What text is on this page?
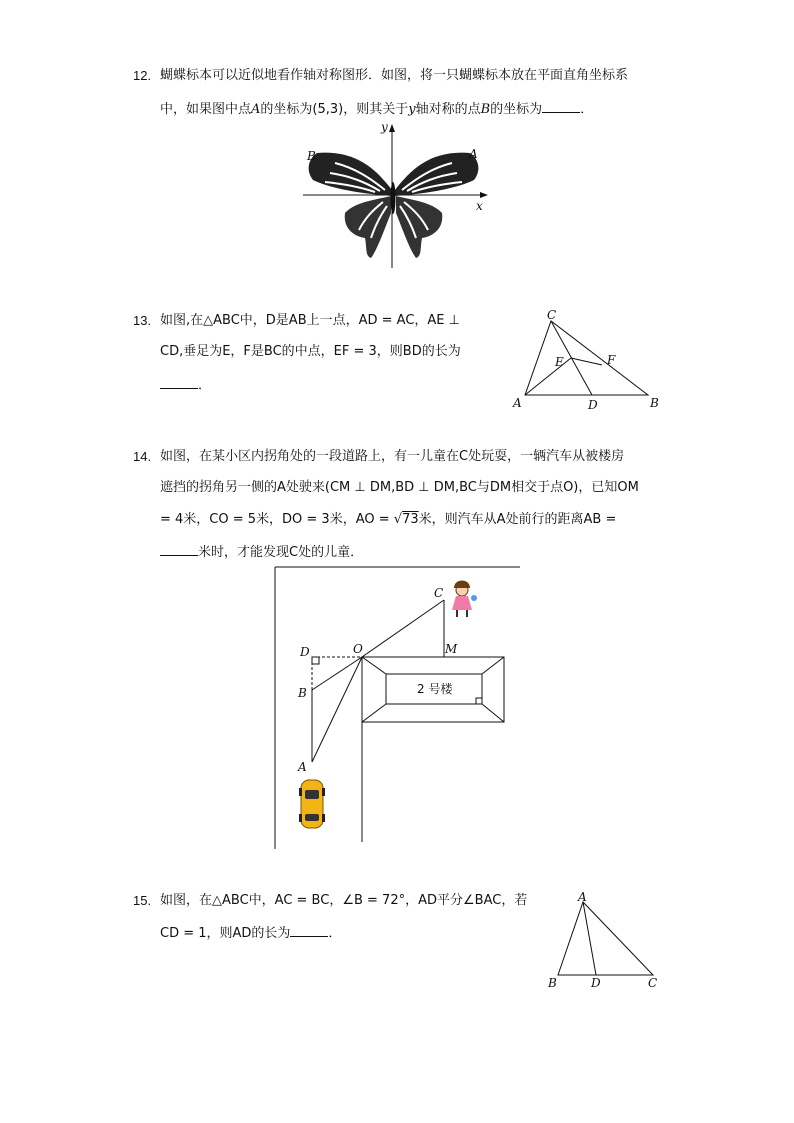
12. 蝴蝶标本可以近似地看作轴对称图形．如图，将一只蝴蝶标本放在平面直角坐标系
中，如果图中点A的坐标为(5,3)，则其关于y轴对称的点B的坐标为	．
y
x
B	A
13. 如图,在△ABC中，D是AB上一点，AD = AC，AE ⊥
CD,垂足为E，F是BC的中点，EF = 3，则BD的长为
．
C
E	F
A	D	B
14. 如图，在某小区内拐角处的一段道路上，有一儿童在C处玩耍，一辆汽车从被楼房
遮挡的拐角另一侧的A处驶来(CM ⊥ DM,BD ⊥ DM,BC与DM相交于点O)，已知OM
= 4米，CO = 5米，DO = 3米，AO = √73米，则汽车从A处前行的距离AB =
米时，才能发现C处的儿童．
2 号楼
D	O	M
C
B
A
15. 如图，在△ABC中，AC = BC，∠B = 72°，AD平分∠BAC，若
CD = 1，则AD的长为	．
A
B	D	C
